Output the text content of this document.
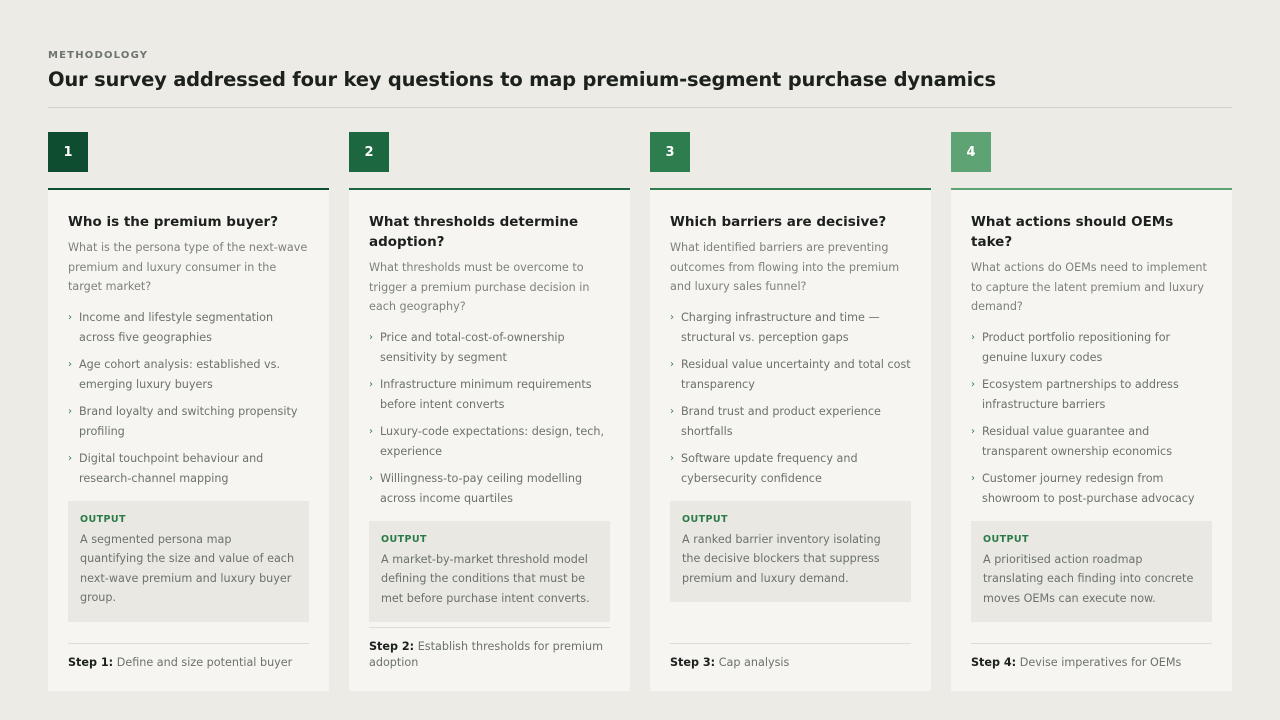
METHODOLOGY
Our survey addressed four key questions to map premium-segment purchase dynamics
1
Who is the premium buyer?
What is the persona type of the next-wave premium and luxury consumer in the target market?
› Income and lifestyle segmentation across five geographies
› Age cohort analysis: established vs. emerging luxury buyers
› Brand loyalty and switching propensity profiling
› Digital touchpoint behaviour and research-channel mapping
OUTPUT
A segmented persona map quantifying the size and value of each next-wave premium and luxury buyer group.
Step 1: Define and size potential buyer
2
What thresholds determine adoption?
What thresholds must be overcome to trigger a premium purchase decision in each geography?
› Price and total-cost-of-ownership sensitivity by segment
› Infrastructure minimum requirements before intent converts
› Luxury-code expectations: design, tech, experience
› Willingness-to-pay ceiling modelling across income quartiles
OUTPUT
A market-by-market threshold model defining the conditions that must be met before purchase intent converts.
Step 2: Establish thresholds for premium adoption
3
Which barriers are decisive?
What identified barriers are preventing outcomes from flowing into the premium and luxury sales funnel?
› Charging infrastructure and time — structural vs. perception gaps
› Residual value uncertainty and total cost transparency
› Brand trust and product experience shortfalls
› Software update frequency and cybersecurity confidence
OUTPUT
A ranked barrier inventory isolating the decisive blockers that suppress premium and luxury demand.
Step 3: Cap analysis
4
What actions should OEMs take?
What actions do OEMs need to implement to capture the latent premium and luxury demand?
› Product portfolio repositioning for genuine luxury codes
› Ecosystem partnerships to address infrastructure barriers
› Residual value guarantee and transparent ownership economics
› Customer journey redesign from showroom to post-purchase advocacy
OUTPUT
A prioritised action roadmap translating each finding into concrete moves OEMs can execute now.
Step 4: Devise imperatives for OEMs
